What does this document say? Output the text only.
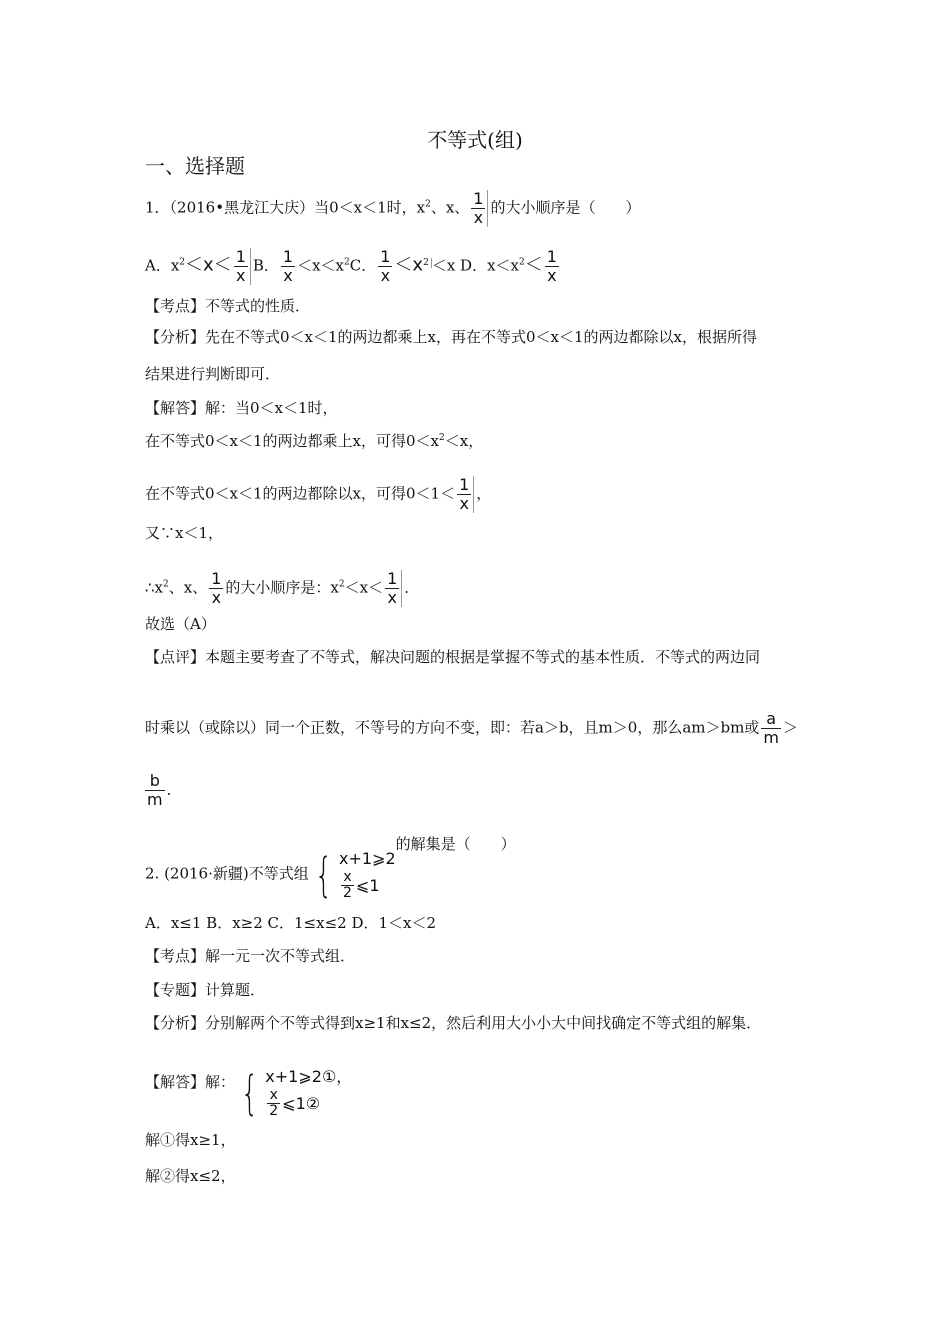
不等式(组)
一、选择题
1．（2016•黑龙江大庆）当0＜x＜1时，$x^2$、x、 $\frac{1}{x}$ 的大小顺序是（　　）
A．$x^2<x< \frac{1}{x}$ B． $\frac{1}{x} <x<x^2C$． $\frac{1}{x} <x^2 <x$ D．$x<x^2< \frac{1}{x}$
【考点】不等式的性质．
【分析】先在不等式0＜x＜1的两边都乘上x，再在不等式0＜x＜1的两边都除以x，根据所得
结果进行判断即可．
【解答】解：当0＜x＜1时，
在不等式0＜x＜1的两边都乘上x，可得$0<x^2<x$，
在不等式0＜x＜1的两边都除以x，可得$0<1< \frac{1}{x}$ ，
又∵x＜1，
$\therefore x^2$、x、 $\frac{1}{x}$ 的大小顺序是：$x^2<x< \frac{1}{x}$ ．
故选（A）
【点评】本题主要考查了不等式，解决问题的根据是掌握不等式的基本性质．不等式的两边同
时乘以（或除以）同一个正数，不等号的方向不变，即：若a＞b，且m＞0，那么am＞bm或 $\frac{a}{m}$ ＞
$\frac{b}{m}$ ．
2. (2016·新疆)不等式组 { x+1⩾2
$\frac{x}{2}$ ⩽1
的解集是（　　）
A．x≤1 B．x≥2 C．1≤x≤2 D．1＜x＜2
【考点】解一元一次不等式组．
【专题】计算题．
【分析】分别解两个不等式得到x≥1和x≤2，然后利用大小小大中间找确定不等式组的解集．
【解答】解： { x+1⩾2① ，
$\frac{x}{2}$ ⩽1②
解①得x≥1，
解②得x≤2，
